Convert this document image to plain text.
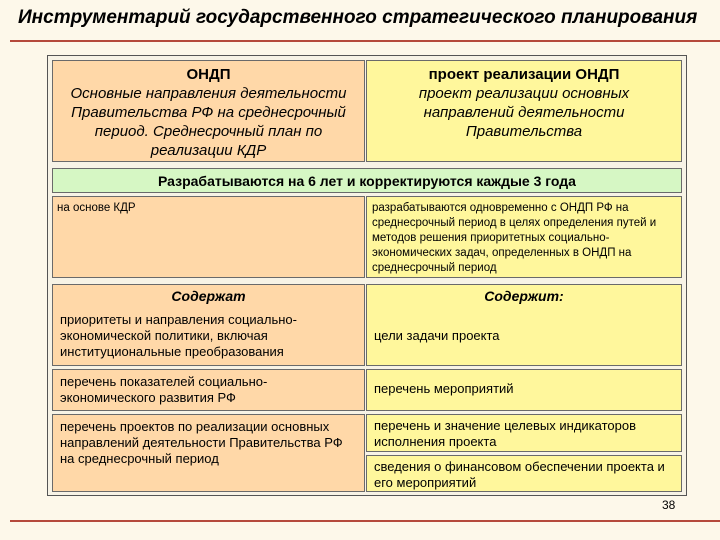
Инструментарий государственного стратегического планирования
ОНДП
Основные направления деятельности Правительства РФ на среднесрочный период. Среднесрочный план по реализации КДР
проект реализации ОНДП
проект реализации основных направлений деятельности Правительства
Разрабатываются на 6 лет и корректируются каждые 3 года
на основе КДР	разрабатываются одновременно с ОНДП РФ на среднесрочный период в целях определения путей и методов решения приоритетных социально-экономических задач, определенных в ОНДП на среднесрочный период
Содержат	Содержит:
приоритеты и направления социально-экономической политики, включая институциональные преобразования
перечень показателей социально-экономического развития РФ
перечень проектов по реализации основных направлений деятельности Правительства РФ на среднесрочный период
цели задачи проекта
перечень мероприятий
перечень и значение целевых индикаторов исполнения проекта
сведения о финансовом обеспечении проекта и его мероприятий
38
